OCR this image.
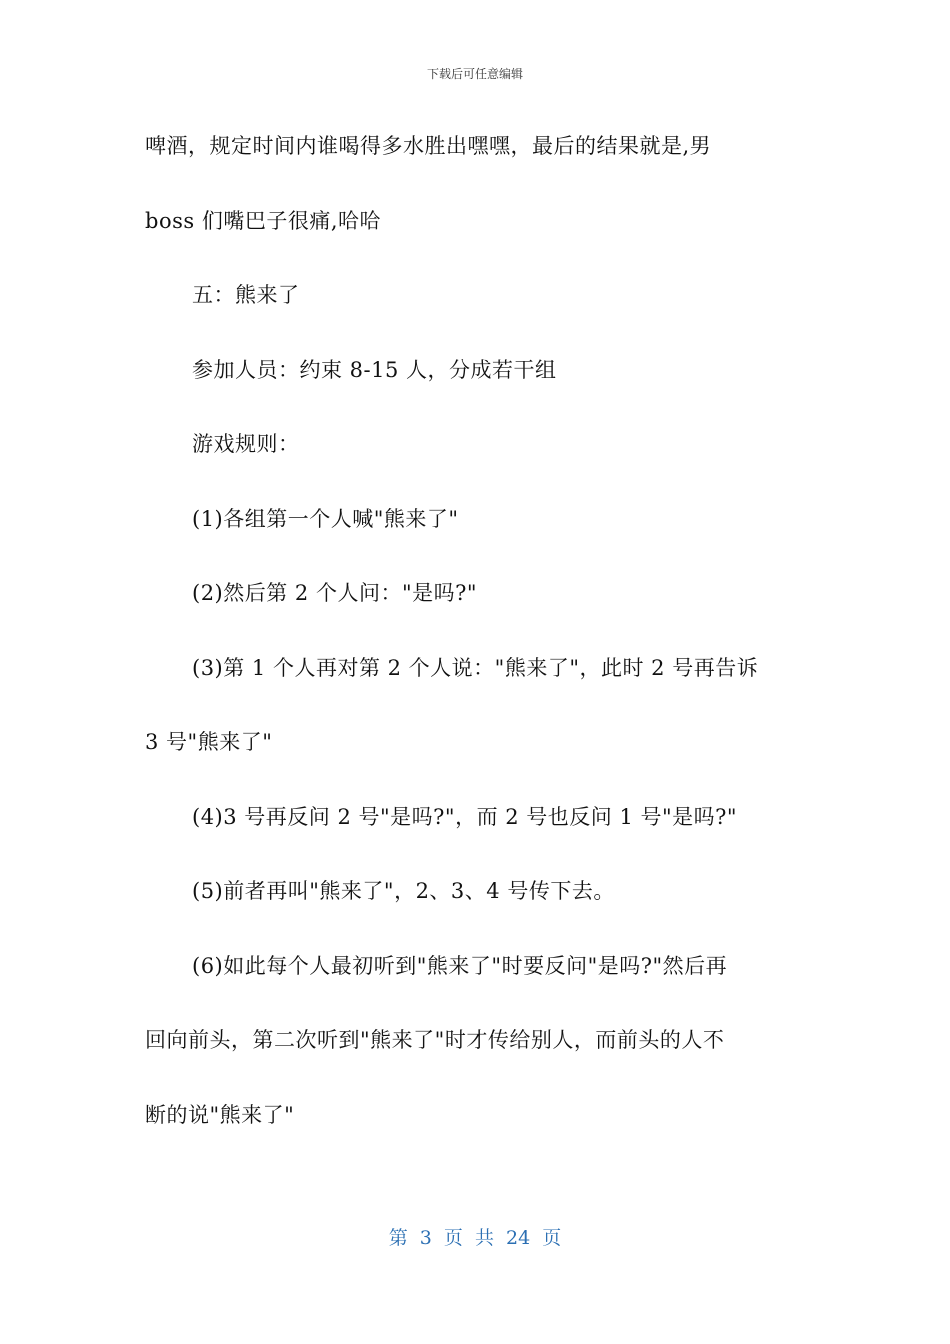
下载后可任意编辑
啤酒，规定时间内谁喝得多水胜出嘿嘿，最后的结果就是,男
boss 们嘴巴子很痛,哈哈
五：熊来了
参加人员：约束 8-15 人，分成若干组
游戏规则：
(1)各组第一个人喊"熊来了"
(2)然后第 2 个人问："是吗?"
(3)第 1 个人再对第 2 个人说："熊来了"，此时 2 号再告诉
3 号"熊来了"
(4)3 号再反问 2 号"是吗?"，而 2 号也反问 1 号"是吗?"
(5)前者再叫"熊来了"，2、3、4 号传下去。
(6)如此每个人最初听到"熊来了"时要反问"是吗?"然后再
回向前头，第二次听到"熊来了"时才传给别人，而前头的人不
断的说"熊来了"
第 3 页 共 24 页
